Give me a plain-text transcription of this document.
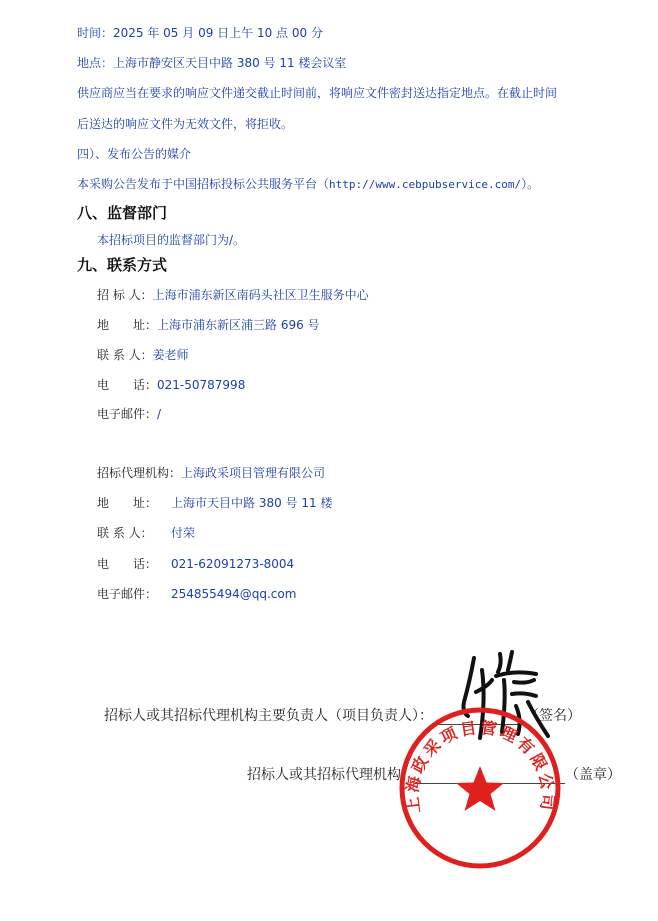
时间：2025 年 05 月 09 日上午 10 点 00 分
地点：上海市静安区天目中路 380 号 11 楼会议室
供应商应当在要求的响应文件递交截止时间前，将响应文件密封送达指定地点。在截止时间
后送达的响应文件为无效文件，将拒收。
四）、发布公告的媒介
本采购公告发布于中国招标投标公共服务平台（http://www.cebpubservice.com/）。
八、监督部门
本招标项目的监督部门为/。
九、联系方式
招 标 人：上海市浦东新区南码头社区卫生服务中心
地　　址：上海市浦东新区浦三路 696 号
联 系 人：姜老师
电　　话：021-50787998
电子邮件：/
招标代理机构：上海政采项目管理有限公司
地　　址： 上海市天目中路 380 号 11 楼
联 系 人： 付荣
电　　话： 021-62091273-8004
电子邮件： 254855494@qq.com
招标人或其招标代理机构主要负责人（项目负责人）：	（签名）
招标人或其招标代理机构：	（盖章）
上海政采项目管理有限公司
